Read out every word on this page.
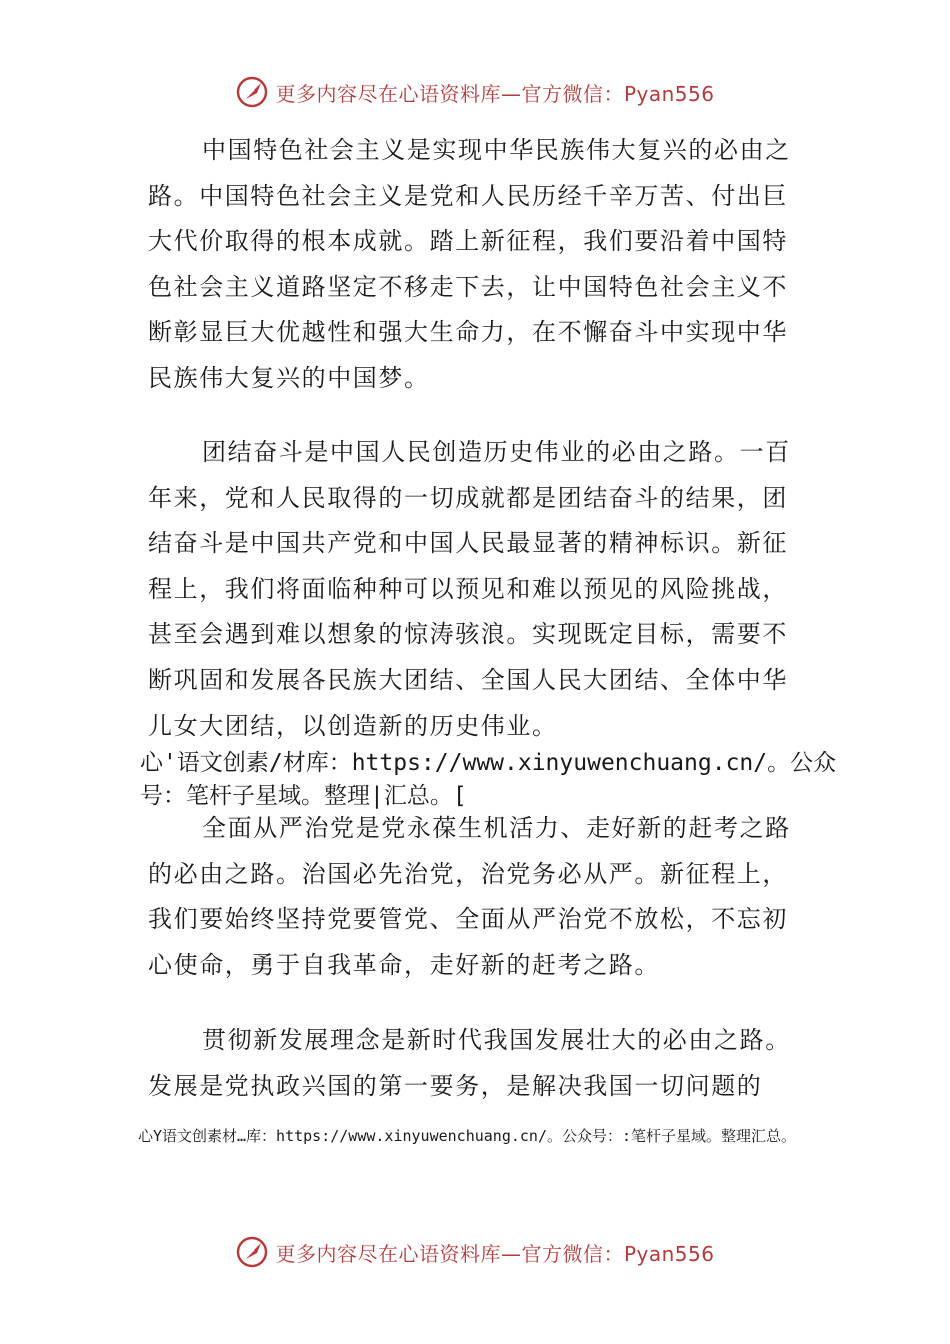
更多内容尽在心语资料库—官方微信：Pyan556

中国特色社会主义是实现中华民族伟大复兴的必由之路。中国特色社会主义是党和人民历经千辛万苦、付出巨大代价取得的根本成就。踏上新征程，我们要沿着中国特色社会主义道路坚定不移走下去，让中国特色社会主义不断彰显巨大优越性和强大生命力，在不懈奋斗中实现中华民族伟大复兴的中国梦。

团结奋斗是中国人民创造历史伟业的必由之路。一百年来，党和人民取得的一切成就都是团结奋斗的结果，团结奋斗是中国共产党和中国人民最显著的精神标识。新征程上，我们将面临种种可以预见和难以预见的风险挑战，甚至会遇到难以想象的惊涛骇浪。实现既定目标，需要不断巩固和发展各民族大团结、全国人民大团结、全体中华儿女大团结，以创造新的历史伟业。

心'语文创素/材库：https://www.xinyuwenchuang.cn/。公众号：笔杆子星域。整理|汇总。[

全面从严治党是党永葆生机活力、走好新的赶考之路的必由之路。治国必先治党，治党务必从严。新征程上，我们要始终坚持党要管党、全面从严治党不放松，不忘初心使命，勇于自我革命，走好新的赶考之路。

贯彻新发展理念是新时代我国发展壮大的必由之路。发展是党执政兴国的第一要务，是解决我国一切问题的

心Y语文创素材…库：https://www.xinyuwenchuang.cn/。公众号：:笔杆子星域。整理汇总。

更多内容尽在心语资料库—官方微信：Pyan556
